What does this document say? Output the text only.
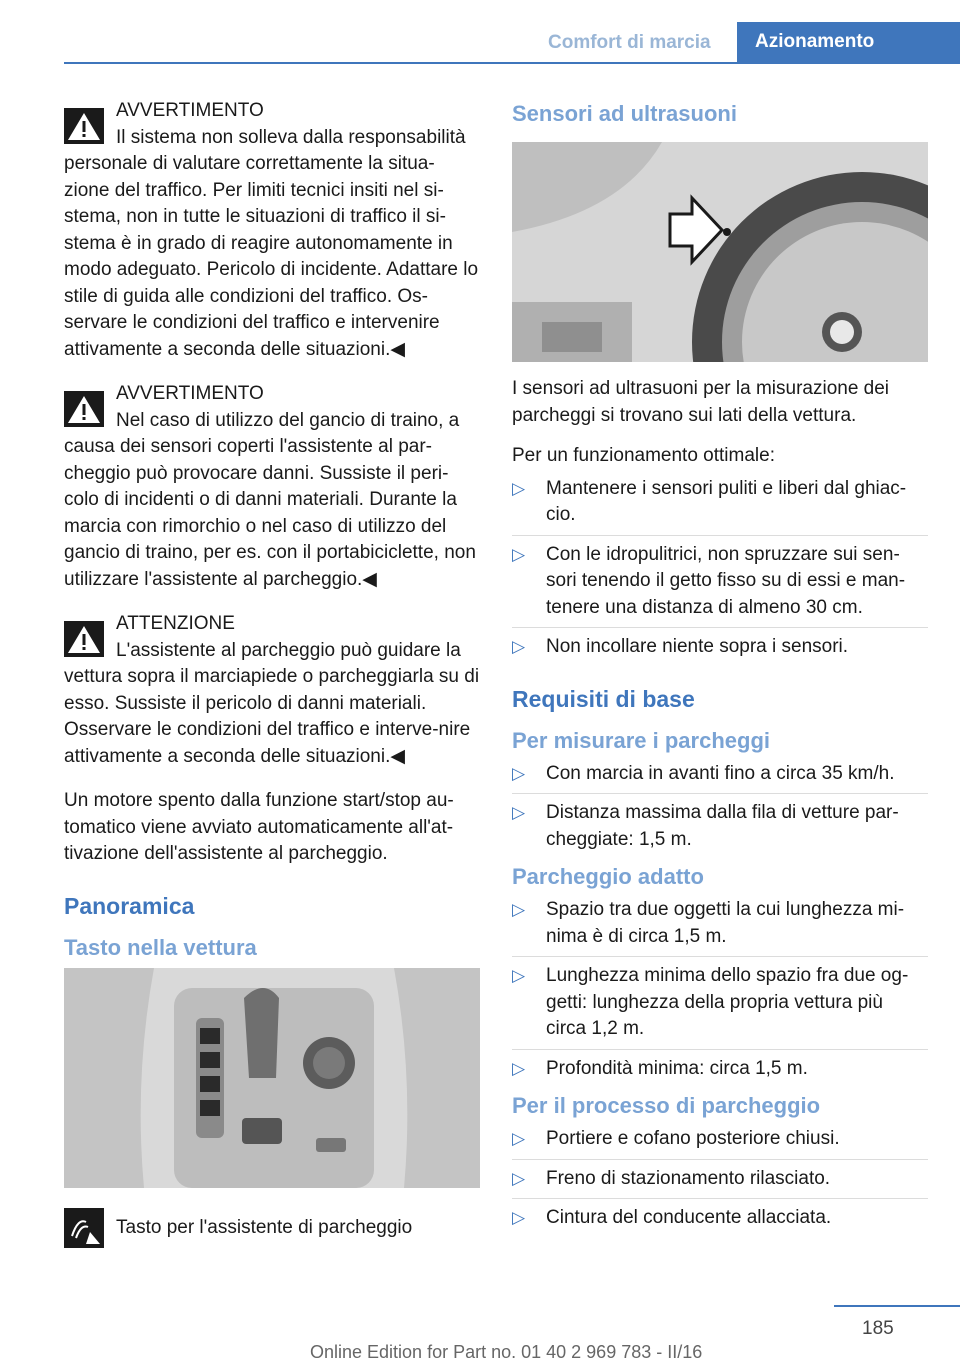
Comfort di marcia	Azionamento
AVVERTIMENTO

Il sistema non solleva dalla responsabilità
personale di valutare correttamente la situa-zione del traffico. Per limiti tecnici insiti nel si-stema, non in tutte le situazioni di traffico il si-stema è in grado di reagire autonomamente in modo adeguato. Pericolo di incidente. Adattare lo stile di guida alle condizioni del traffico. Os-servare le condizioni del traffico e intervenire attivamente a seconda delle situazioni.◀

AVVERTIMENTO

Nel caso di utilizzo del gancio di traino, a
causa dei sensori coperti l'assistente al par-cheggio può provocare danni. Sussiste il peri-colo di incidenti o di danni materiali. Durante la marcia con rimorchio o nel caso di utilizzo del gancio di traino, per es. con il portabiciclette, non utilizzare l'assistente al parcheggio.◀

ATTENZIONE

L'assistente al parcheggio può guidare la
vettura sopra il marciapiede o parcheggiarla su di esso. Sussiste il pericolo di danni materiali. Osservare le condizioni del traffico e interve-nire attivamente a seconda delle situazioni.◀

Un motore spento dalla funzione start/stop au-tomatico viene avviato automaticamente all'at-tivazione dell'assistente al parcheggio.

Panoramica
Tasto nella vettura

Tasto per l'assistente di parcheggio

Sensori ad ultrasuoni

I sensori ad ultrasuoni per la misurazione dei parcheggi si trovano sui lati della vettura.

Per un funzionamento ottimale:

▷ Mantenere i sensori puliti e liberi dal ghiac-cio.
▷ Con le idropulitrici, non spruzzare sui sen-sori tenendo il getto fisso su di essi e man-tenere una distanza di almeno 30 cm.
▷ Non incollare niente sopra i sensori.
Requisiti di base
Per misurare i parcheggi
▷ Con marcia in avanti fino a circa 35 km/h.
▷ Distanza massima dalla fila di vetture par-cheggiate: 1,5 m.
Parcheggio adatto
▷ Spazio tra due oggetti la cui lunghezza mi-nima è di circa 1,5 m.
▷ Lunghezza minima dello spazio fra due og-getti: lunghezza della propria vettura più circa 1,2 m.
▷ Profondità minima: circa 1,5 m.
Per il processo di parcheggio
▷ Portiere e cofano posteriore chiusi.
▷ Freno di stazionamento rilasciato.
▷ Cintura del conducente allacciata.
185
Online Edition for Part no. 01 40 2 969 783 - II/16
